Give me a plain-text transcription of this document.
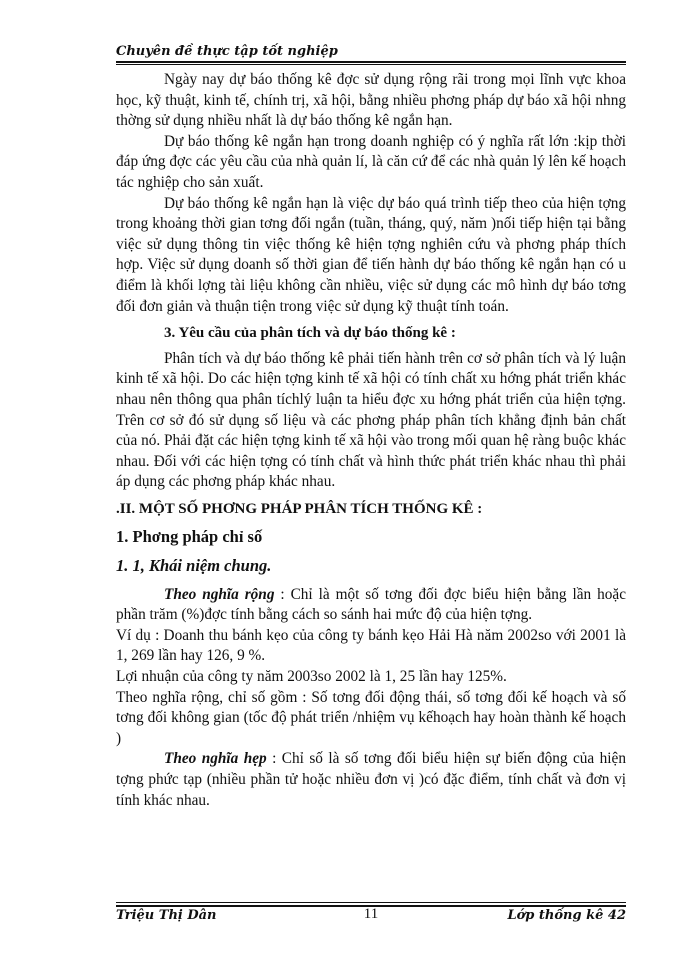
Chuyên đề thực tập tốt nghiệp

Ngày nay dự báo thống kê đợc sử dụng rộng rãi trong mọi lĩnh vực khoa học, kỹ thuật, kinh tế, chính trị, xã hội, bằng nhiều phơng pháp dự báo xã hội nhng thờng sử dụng nhiều nhất là dự báo thống kê ngắn hạn.

Dự báo thống kê ngắn hạn trong doanh nghiệp có ý nghĩa rất lớn :kịp thời đáp ứng đợc các yêu cầu của nhà quản lí, là căn cứ để các nhà quản lý lên kế hoạch tác nghiệp cho sản xuất.

Dự báo thống kê ngắn hạn là việc dự báo quá trình tiếp theo của hiện tợng trong khoảng thời gian tơng đối ngắn (tuần, tháng, quý, năm )nối tiếp hiện tại bằng việc sử dụng thông tin việc thống kê hiện tợng nghiên cứu và phơng pháp thích hợp. Việc sử dụng doanh số thời gian để tiến hành dự báo thống kê ngắn hạn có u điểm là khối lợng tài liệu không cần nhiều, việc sử dụng các mô hình dự báo tơng đối đơn giản và thuận tiện trong việc sử dụng kỹ thuật tính toán.

3. Yêu cầu của phân tích và dự báo thống kê :

Phân tích và dự báo thống kê phải tiến hành trên cơ sở phân tích và lý luận kinh tế xã hội. Do các hiện tợng kinh tế xã hội có tính chất xu hớng phát triển khác nhau nên thông qua phân tíchlý luận ta hiểu đợc xu hớng phát triển của hiện tợng. Trên cơ sở đó sử dụng số liệu và các phơng pháp phân tích khẳng định bản chất của nó. Phải đặt các hiện tợng kinh tế xã hội vào trong mối quan hệ ràng buộc khác nhau. Đối với các hiện tợng có tính chất và hình thức phát triển khác nhau thì phải áp dụng các phơng pháp khác nhau.

.II. MỘT SỐ PHƠNG PHÁP PHÂN TÍCH THỐNG KÊ :

1. Phơng pháp chỉ số

1. 1, Khái niệm chung.

Theo nghĩa rộng : Chỉ là một số tơng đối đợc biểu hiện bằng lần hoặc phần trăm (%)đợc tính bằng cách so sánh hai mức độ của hiện tợng.

Ví dụ : Doanh thu bánh kẹo của công ty bánh kẹo Hải Hà năm 2002so với 2001 là 1, 269 lần hay 126, 9 %.

Lợi nhuận của công ty năm 2003so 2002 là 1, 25 lần hay 125%.

Theo nghĩa rộng, chỉ số gồm : Số tơng đối động thái, số tơng đối kế hoạch và số tơng đối không gian (tốc độ phát triển /nhiệm vụ kếhoạch hay hoàn thành kế hoạch )

Theo nghĩa hẹp : Chỉ số là số tơng đối biểu hiện sự biến động của hiện tợng phức tạp (nhiều phần tử hoặc nhiều đơn vị )có đặc điểm, tính chất và đơn vị tính khác nhau.

Triệu Thị Dân	11	Lớp thống kê 42
